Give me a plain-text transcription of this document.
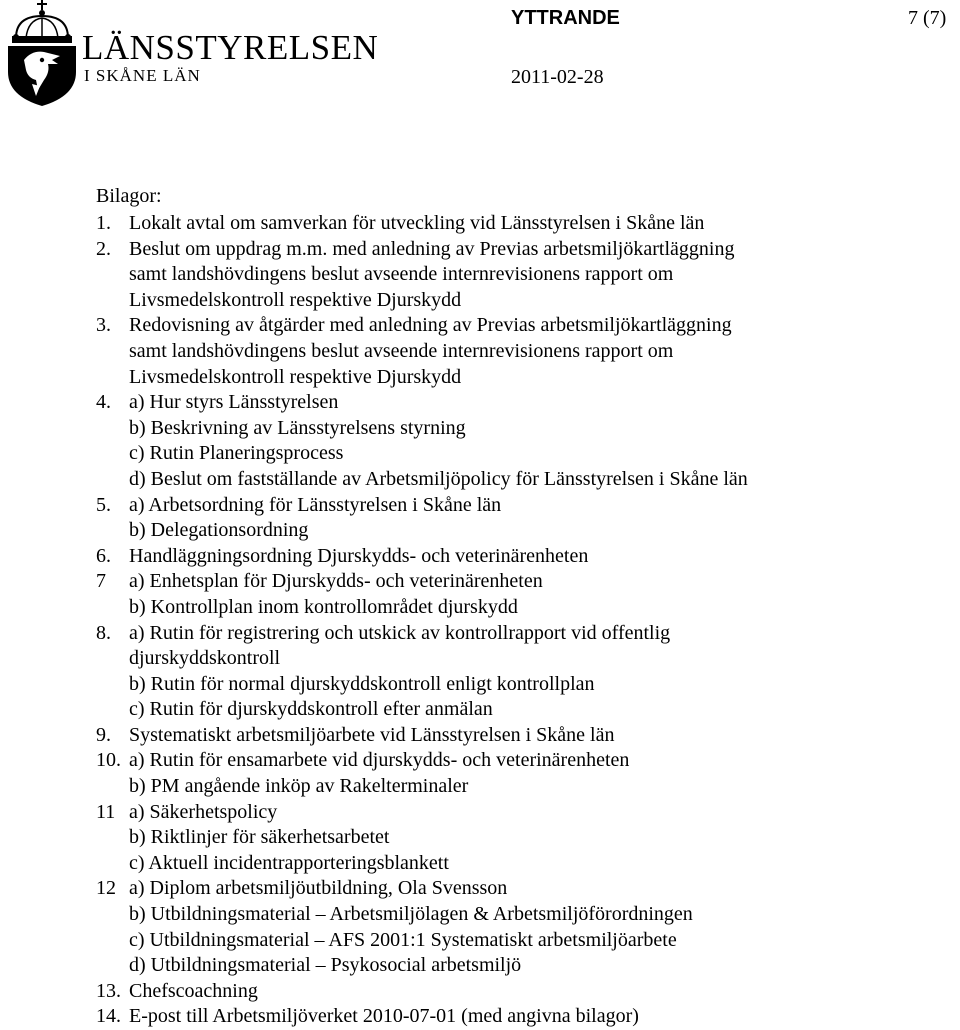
LÄNSSTYRELSEN
I SKÅNE LÄN
YTTRANDE	7 (7)
2011-02-28
Bilagor:
1. Lokalt avtal om samverkan för utveckling vid Länsstyrelsen i Skåne län
2. Beslut om uppdrag m.m. med anledning av Previas arbetsmiljökartläggning
samt landshövdingens beslut avseende internrevisionens rapport om
Livsmedelskontroll respektive Djurskydd
3. Redovisning av åtgärder med anledning av Previas arbetsmiljökartläggning
samt landshövdingens beslut avseende internrevisionens rapport om
Livsmedelskontroll respektive Djurskydd
4. a) Hur styrs Länsstyrelsen
b) Beskrivning av Länsstyrelsens styrning
c) Rutin Planeringsprocess
d) Beslut om fastställande av Arbetsmiljöpolicy för Länsstyrelsen i Skåne län
5. a) Arbetsordning för Länsstyrelsen i Skåne län
b) Delegationsordning
6. Handläggningsordning Djurskydds- och veterinärenheten
7	a) Enhetsplan för Djurskydds- och veterinärenheten
b) Kontrollplan inom kontrollområdet djurskydd
8. a) Rutin för registrering och utskick av kontrollrapport vid offentlig
djurskyddskontroll
b) Rutin för normal djurskyddskontroll enligt kontrollplan
c) Rutin för djurskyddskontroll efter anmälan
9. Systematiskt arbetsmiljöarbete vid Länsstyrelsen i Skåne län
10. a) Rutin för ensamarbete vid djurskydds- och veterinärenheten
b) PM angående inköp av Rakelterminaler
11 a) Säkerhetspolicy
b) Riktlinjer för säkerhetsarbetet
c) Aktuell incidentrapporteringsblankett
12 a) Diplom arbetsmiljöutbildning, Ola Svensson
b) Utbildningsmaterial – Arbetsmiljölagen & Arbetsmiljöförordningen
c) Utbildningsmaterial – AFS 2001:1 Systematiskt arbetsmiljöarbete
d) Utbildningsmaterial – Psykosocial arbetsmiljö
13. Chefscoachning
14. E-post till Arbetsmiljöverket 2010-07-01 (med angivna bilagor)
